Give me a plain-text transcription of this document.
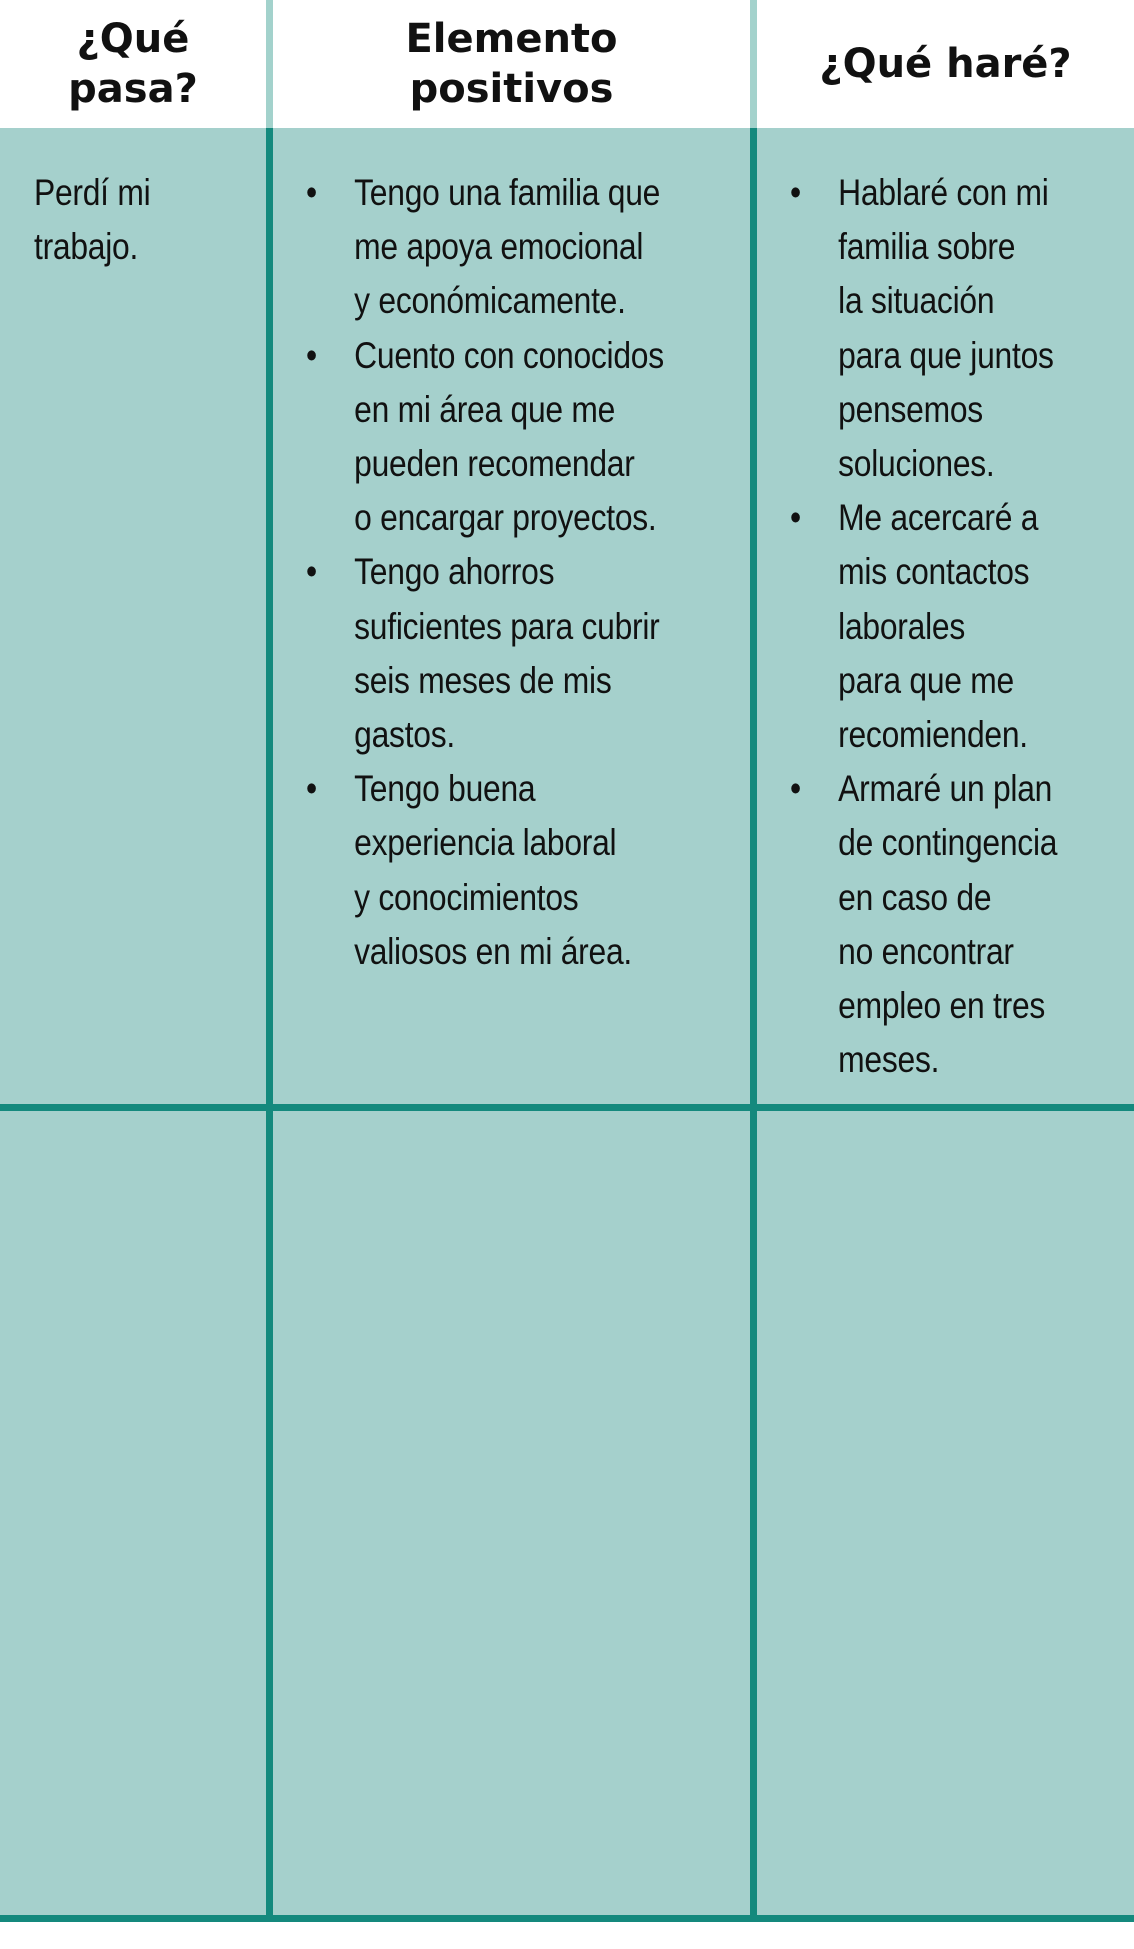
¿Qué
pasa?
Elemento
positivos
¿Qué haré?
Perdí mi
trabajo.
• Tengo una familia que
me apoya emocional
y económicamente.
• Cuento con conocidos
en mi área que me
pueden recomendar
o encargar proyectos.
• Tengo ahorros
suficientes para cubrir
seis meses de mis
gastos.
• Tengo buena
experiencia laboral
y conocimientos
valiosos en mi área.
• Hablaré con mi
familia sobre
la situación
para que juntos
pensemos
soluciones.
• Me acercaré a
mis contactos
laborales
para que me
recomienden.
• Armaré un plan
de contingencia
en caso de
no encontrar
empleo en tres
meses.
